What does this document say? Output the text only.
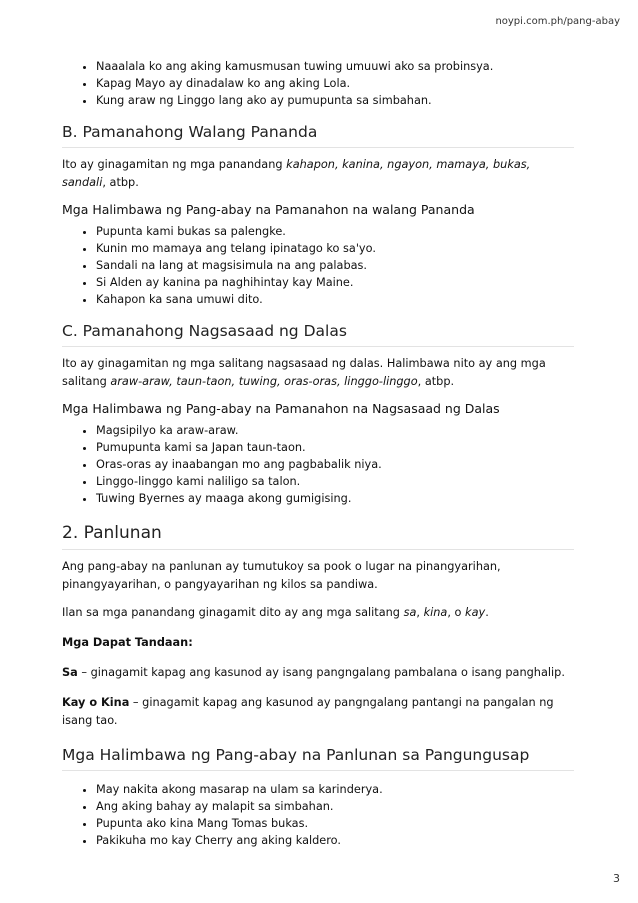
noypi.com.ph/pang-abay
• Naaalala ko ang aking kamusmusan tuwing umuuwi ako sa probinsya.
• Kapag Mayo ay dinadalaw ko ang aking Lola.
• Kung araw ng Linggo lang ako ay pumupunta sa simbahan.
B. Pamanahong Walang Pananda

Ito ay ginagamitan ng mga panandang kahapon, kanina, ngayon, mamaya, bukas, sandali, atbp.

Mga Halimbawa ng Pang-abay na Pamanahon na walang Pananda
• Pupunta kami bukas sa palengke.
• Kunin mo mamaya ang telang ipinatago ko sa'yo.
• Sandali na lang at magsisimula na ang palabas.
• Si Alden ay kanina pa naghihintay kay Maine.
• Kahapon ka sana umuwi dito.
C. Pamanahong Nagsasaad ng Dalas

Ito ay ginagamitan ng mga salitang nagsasaad ng dalas. Halimbawa nito ay ang mga salitang araw-araw, taun-taon, tuwing, oras-oras, linggo-linggo, atbp.

Mga Halimbawa ng Pang-abay na Pamanahon na Nagsasaad ng Dalas
• Magsipilyo ka araw-araw.
• Pumupunta kami sa Japan taun-taon.
• Oras-oras ay inaabangan mo ang pagbabalik niya.
• Linggo-linggo kami naliligo sa talon.
• Tuwing Byernes ay maaga akong gumigising.
2. Panlunan

Ang pang-abay na panlunan ay tumutukoy sa pook o lugar na pinangyarihan, pinangyayarihan, o pangyayarihan ng kilos sa pandiwa.

Ilan sa mga panandang ginagamit dito ay ang mga salitang sa, kina, o kay.

Mga Dapat Tandaan:

Sa – ginagamit kapag ang kasunod ay isang pangngalang pambalana o isang panghalip.

Kay o Kina – ginagamit kapag ang kasunod ay pangngalang pantangi na pangalan ng isang tao.

Mga Halimbawa ng Pang-abay na Panlunan sa Pangungusap
• May nakita akong masarap na ulam sa karinderya.
• Ang aking bahay ay malapit sa simbahan.
• Pupunta ako kina Mang Tomas bukas.
• Pakikuha mo kay Cherry ang aking kaldero.
3
